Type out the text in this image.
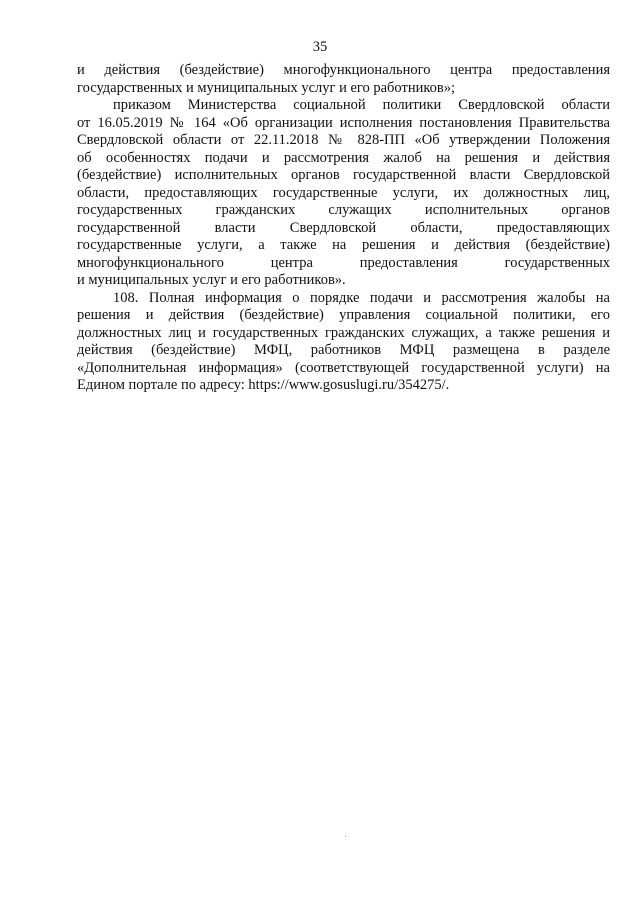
35
и действия (бездействие) многофункционального центра предоставления
государственных и муниципальных услуг и его работников»;
приказом Министерства социальной политики Свердловской области
от 16.05.2019 № 164 «Об организации исполнения постановления Правительства
Свердловской области от 22.11.2018 № 828-ПП «Об утверждении Положения
об особенностях подачи и рассмотрения жалоб на решения и действия
(бездействие) исполнительных органов государственной власти Свердловской
области, предоставляющих государственные услуги, их должностных лиц,
государственных гражданских служащих исполнительных органов
государственной власти Свердловской области, предоставляющих
государственные услуги, а также на решения и действия (бездействие)
многофункционального центра предоставления государственных
и муниципальных услуг и его работников».
108. Полная информация о порядке подачи и рассмотрения жалобы на
решения и действия (бездействие) управления социальной политики, его
должностных лиц и государственных гражданских служащих, а также решения и
действия (бездействие) МФЦ, работников МФЦ размещена в разделе
«Дополнительная информация» (соответствующей государственной услуги) на
Едином портале по адресу: https://www.gosuslugi.ru/354275/.
